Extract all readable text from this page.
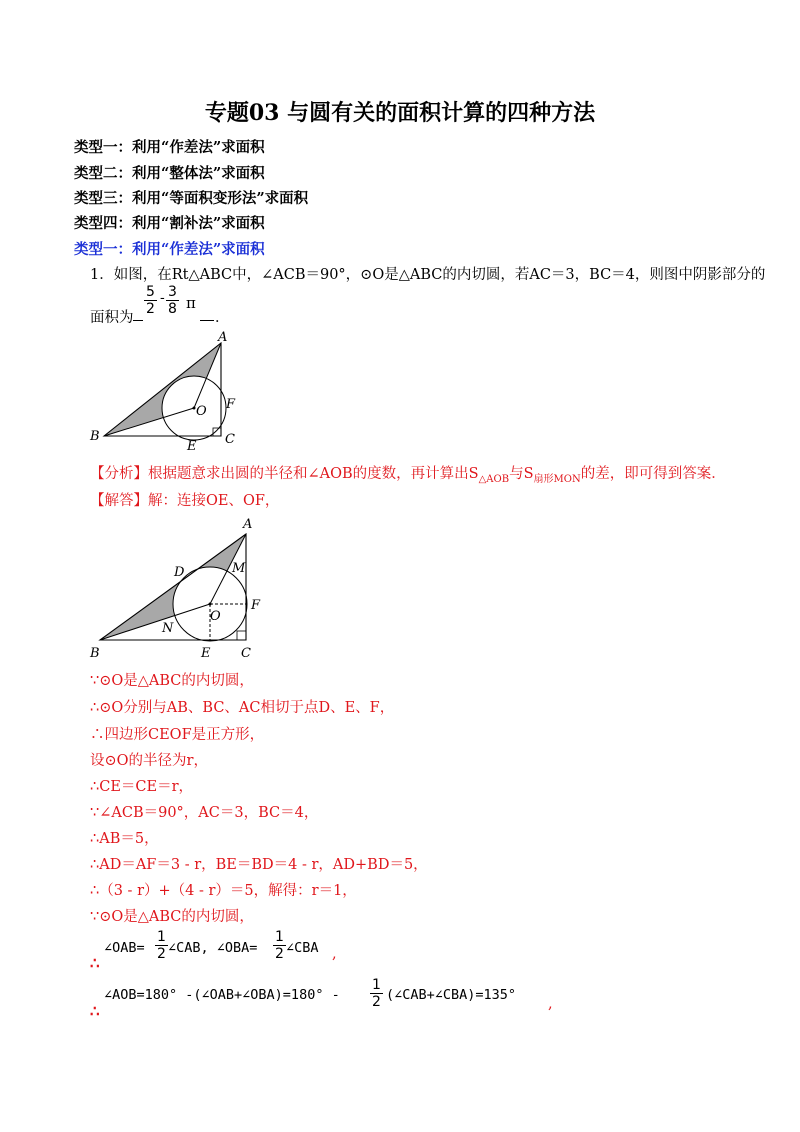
专题03 与圆有关的面积计算的四种方法
类型一：利用“作差法”求面积
类型二：利用“整体法”求面积
类型三：利用“等面积变形法”求面积
类型四：利用“割补法”求面积
类型一：利用“作差法”求面积
1．如图，在Rt△ABC中，∠ACB＝90°，⊙O是△ABC的内切圆，若AC＝3，BC＝4，则图中阴影部分的
面积为
$\frac{5}{2} - \frac{3}{8}$ π
．
A
B	C
E
F
O
【分析】根据题意求出圆的半径和∠AOB的度数，再计算出$S_{\triangle AOB}$与$S_{扇形MON}$的差，即可得到答案．
【解答】解：连接OE、OF，
A
B	C
D
E
F
M
N
O
∵⊙O是△ABC的内切圆，
∴⊙O分别与AB、BC、AC相切于点D、E、F，
∴四边形CEOF是正方形，
设⊙O的半径为r，
∴CE＝CE＝r，
∵∠ACB＝90°，AC＝3，BC＝4，
∴AB＝5，
∴AD＝AF＝3 - r，BE＝BD＝4 - r，AD+BD＝5，
∴（3 - r）+（4 - r）＝5，解得：r＝1，
∵⊙O是△ABC的内切圆，
∴
∠OAB= $\frac{1}{2}$ ∠CAB, ∠OBA= $\frac{1}{2}$ ∠CBA ,
∴
∠AOB=180° -(∠OAB+∠OBA)=180° - $\frac{1}{2}$ (∠CAB+∠CBA)=135°
,
